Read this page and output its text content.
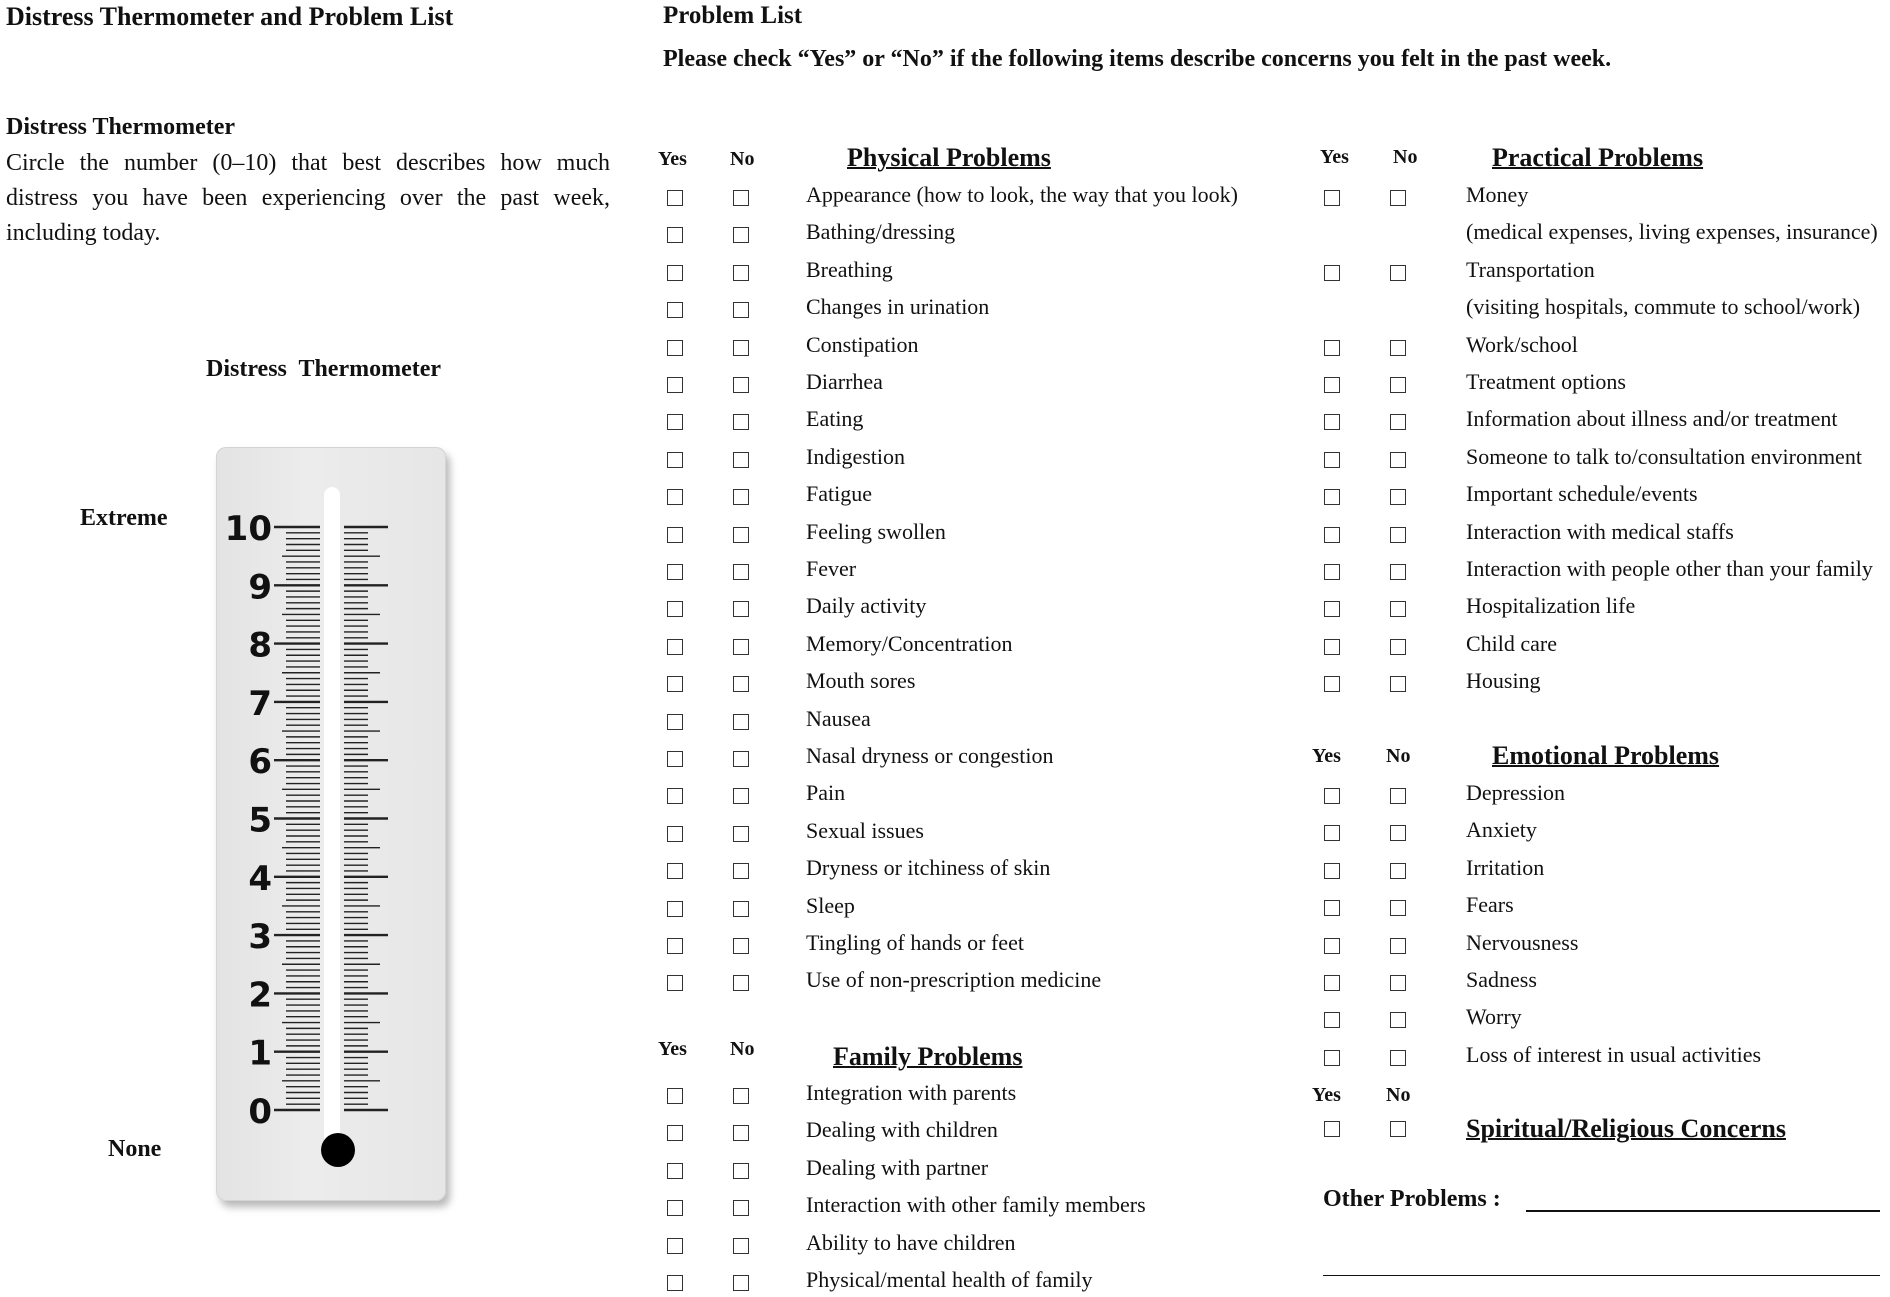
Distress Thermometer and Problem List
Distress Thermometer
Circle the number (0–10) that best describes how much distress you have been experiencing over the past week, including today.
Distress  Thermometer
Extreme
None
10
9
8
7
6
5
4
3
2
1
0
Problem List
Please check “Yes” or “No” if the following items describe concerns you felt in the past week.
Yes No	Physical Problems
Appearance (how to look, the way that you look)
Bathing/dressing
Breathing
Changes in urination
Constipation
Diarrhea
Eating
Indigestion
Fatigue
Feeling swollen
Fever
Daily activity
Memory/Concentration
Mouth sores
Nausea
Nasal dryness or congestion
Pain
Sexual issues
Dryness or itchiness of skin
Sleep
Tingling of hands or feet
Use of non-prescription medicine
Yes No	Family Problems
Integration with parents
Dealing with children
Dealing with partner
Interaction with other family members
Ability to have children
Physical/mental health of family
Yes No	Practical Problems
Money
(medical expenses, living expenses, insurance)
Transportation
(visiting hospitals, commute to school/work)
Work/school
Treatment options
Information about illness and/or treatment
Someone to talk to/consultation environment
Important schedule/events
Interaction with medical staffs
Interaction with people other than your family
Hospitalization life
Child care
Housing
Yes No	Emotional Problems
Depression
Anxiety
Irritation
Fears
Nervousness
Sadness
Worry
Loss of interest in usual activities
Yes No
Spiritual/Religious Concerns
Other Problems :
